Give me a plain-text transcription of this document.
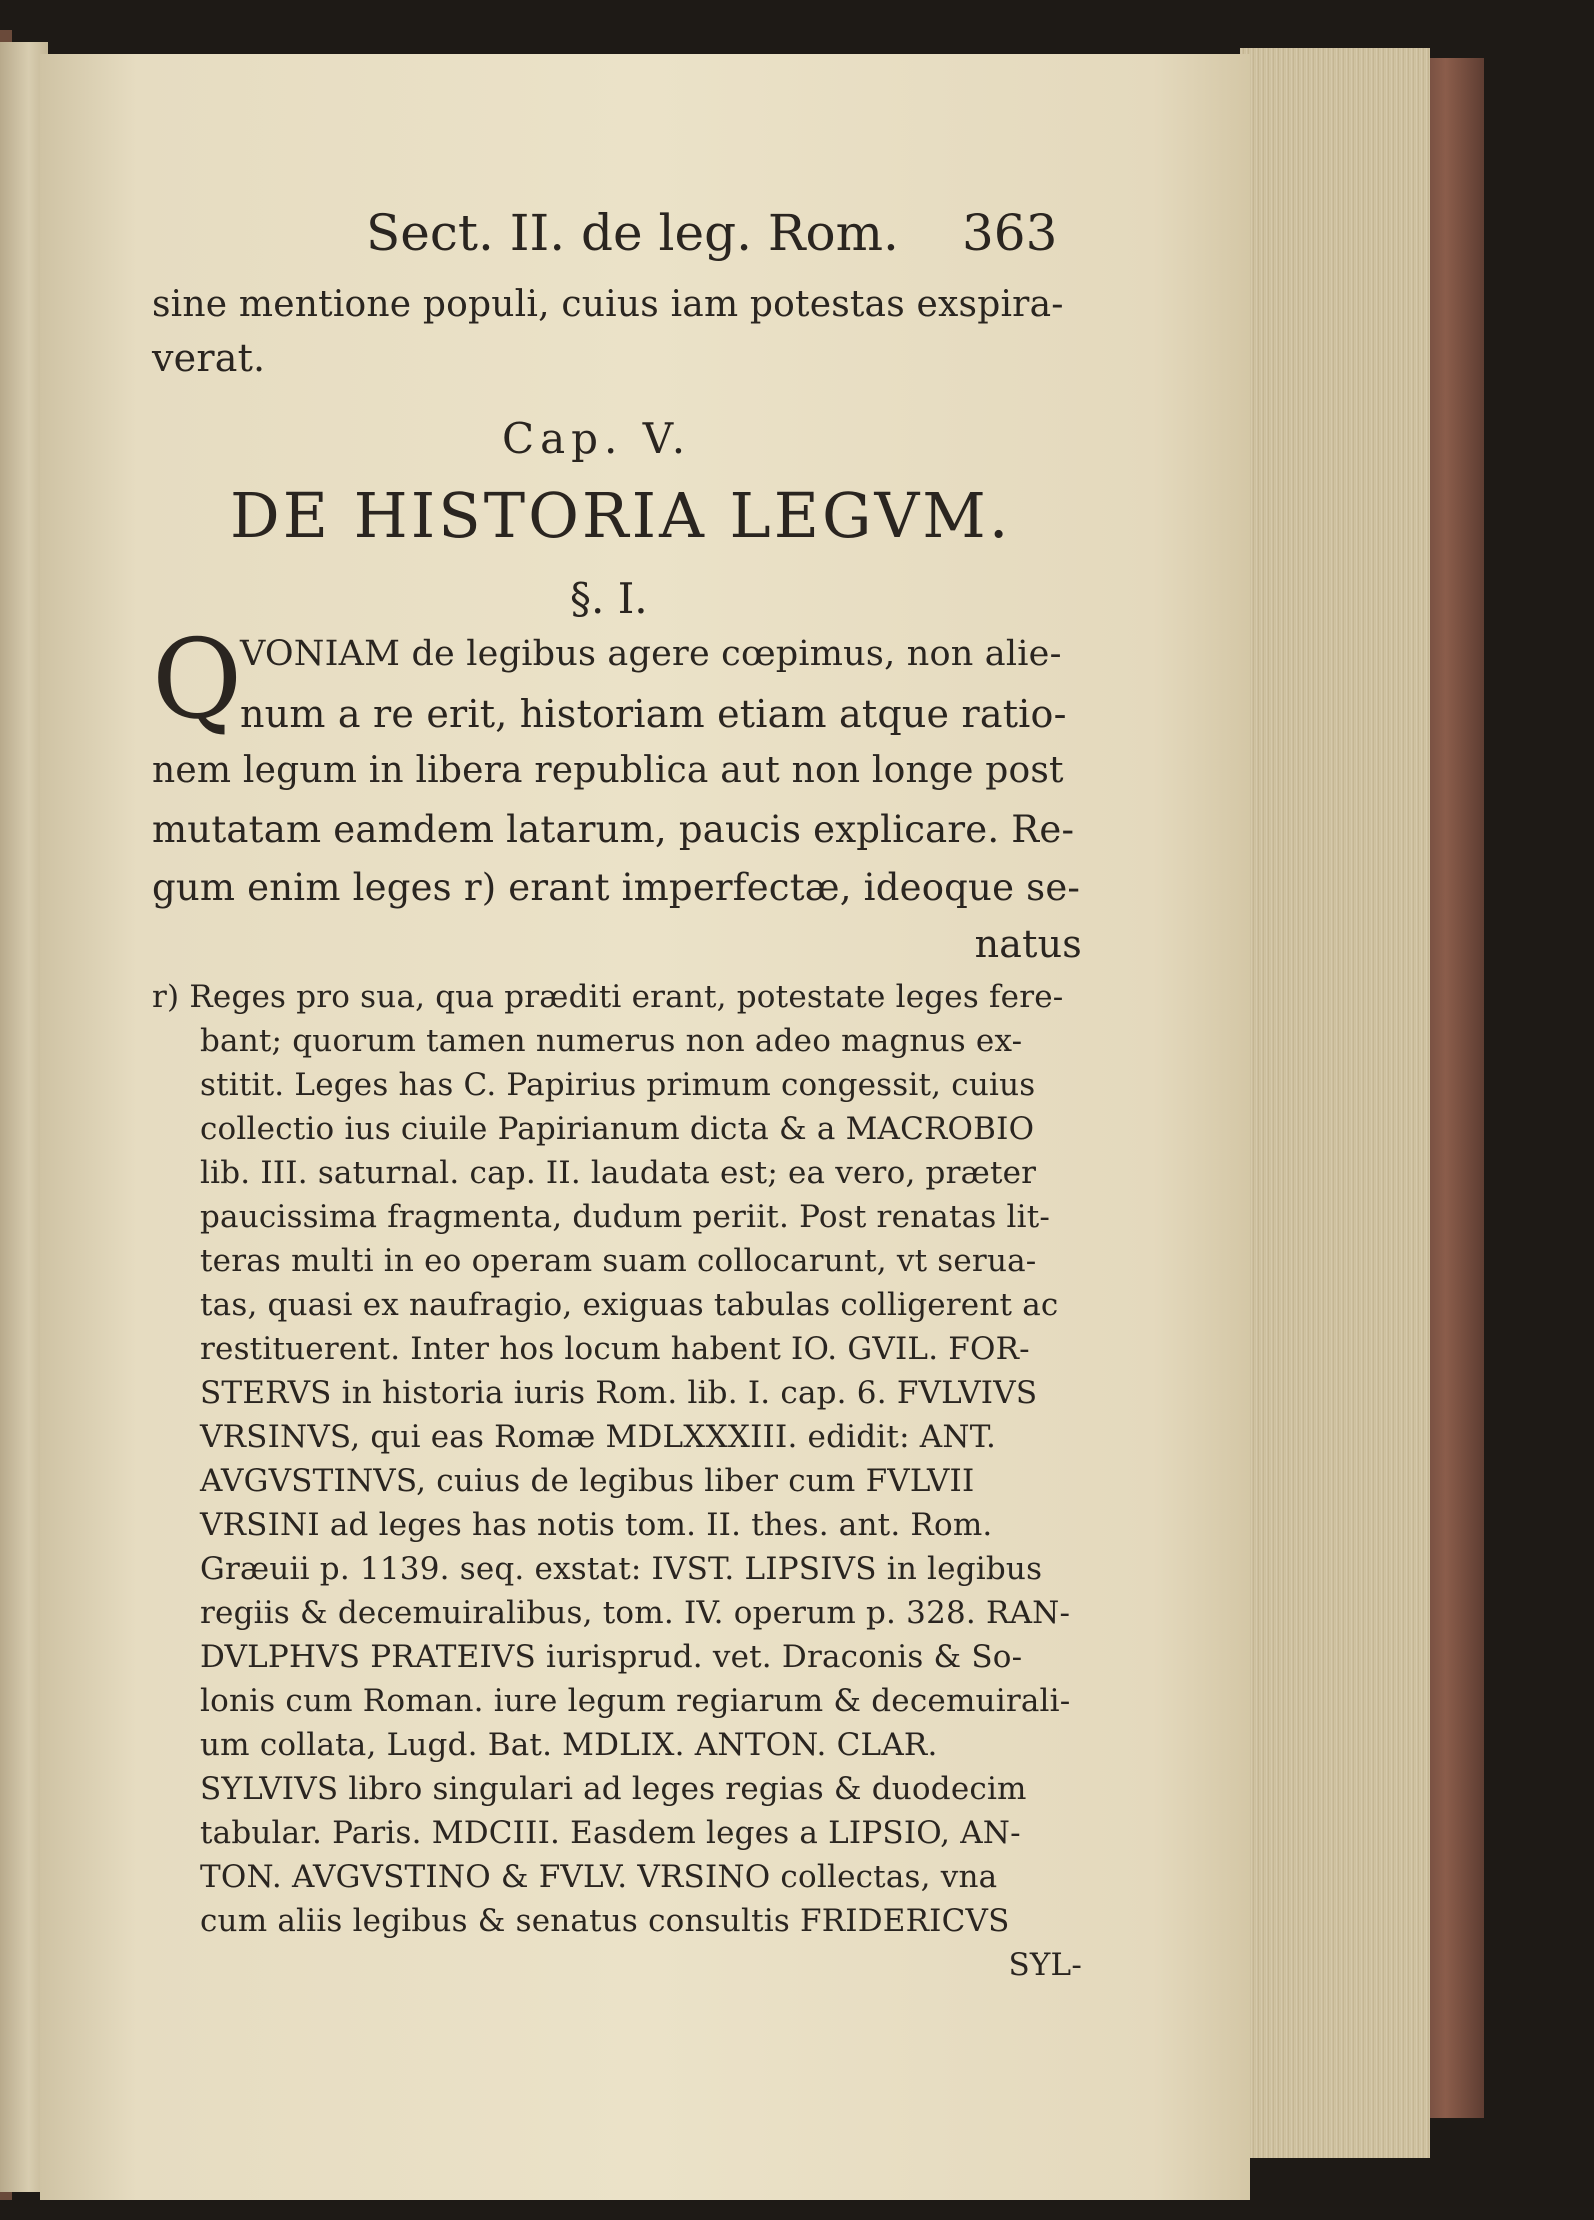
Sect. II. de leg. Rom. 363
sine mentione populi, cuius iam potestas exspira-
verat.
Cap. V.
DE HISTORIA LEGVM.
§. I.
Q
VONIAM de legibus agere cœpimus, non alie-
num a re erit, historiam etiam atque ratio-
nem legum in libera republica aut non longe post
mutatam eamdem latarum, paucis explicare. Re-
gum enim leges r) erant imperfectæ, ideoque se-
natus
r) Reges pro sua, qua præditi erant, potestate leges fere-
bant; quorum tamen numerus non adeo magnus ex-
stitit. Leges has C. Papirius primum congessit, cuius
collectio ius ciuile Papirianum dicta & a MACROBIO
lib. III. saturnal. cap. II. laudata est; ea vero, præter
paucissima fragmenta, dudum periit. Post renatas lit-
teras multi in eo operam suam collocarunt, vt serua-
tas, quasi ex naufragio, exiguas tabulas colligerent ac
restituerent. Inter hos locum habent IO. GVIL. FOR-
STERVS in historia iuris Rom. lib. I. cap. 6. FVLVIVS
VRSINVS, qui eas Romæ MDLXXXIII. edidit: ANT.
AVGVSTINVS, cuius de legibus liber cum FVLVII
VRSINI ad leges has notis tom. II. thes. ant. Rom.
Græuii p. 1139. seq. exstat: IVST. LIPSIVS in legibus
regiis & decemuiralibus, tom. IV. operum p. 328. RAN-
DVLPHVS PRATEIVS iurisprud. vet. Draconis & So-
lonis cum Roman. iure legum regiarum & decemuirali-
um collata, Lugd. Bat. MDLIX. ANTON. CLAR.
SYLVIVS libro singulari ad leges regias & duodecim
tabular. Paris. MDCIII. Easdem leges a LIPSIO, AN-
TON. AVGVSTINO & FVLV. VRSINO collectas, vna
cum aliis legibus & senatus consultis FRIDERICVS
SYL-
